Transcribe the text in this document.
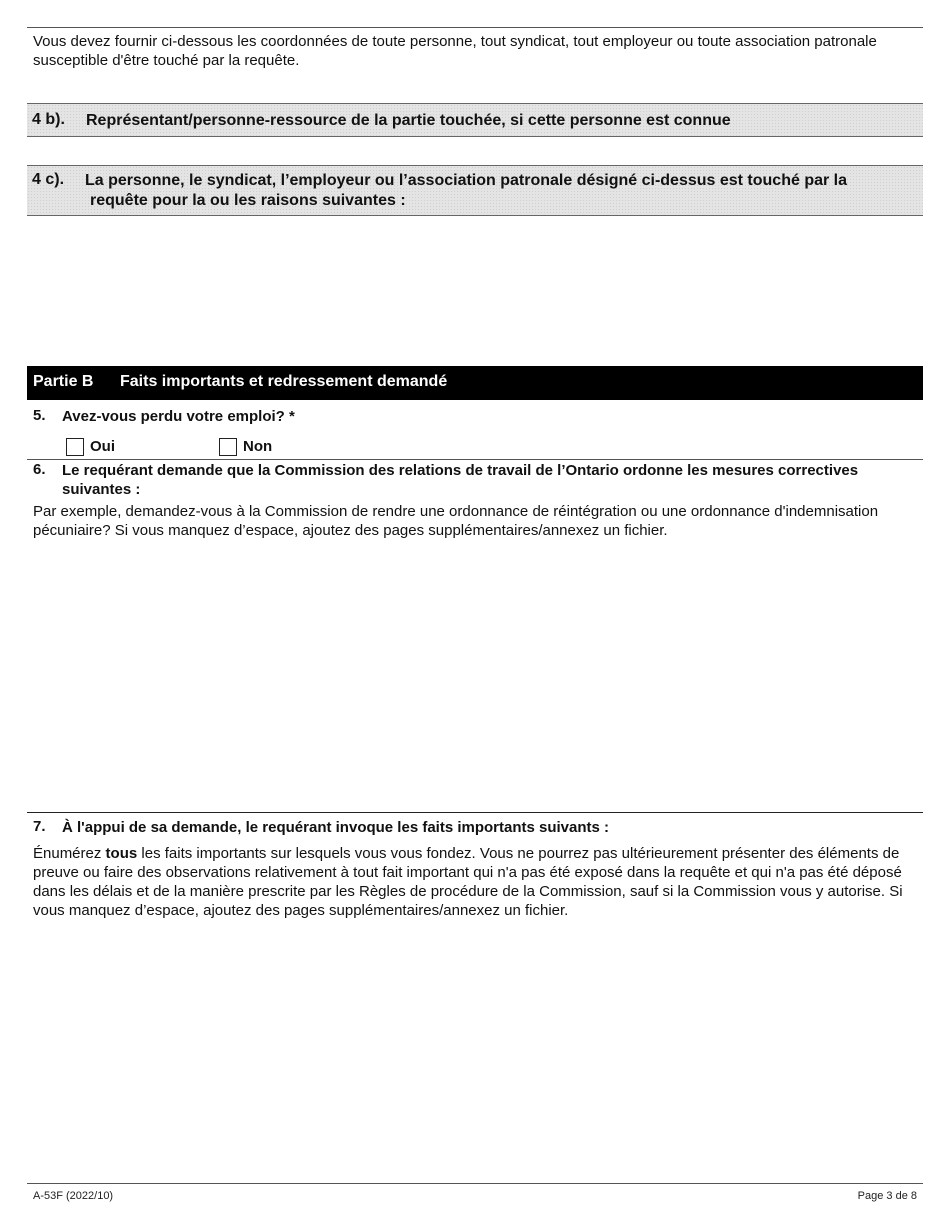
Vous devez fournir ci-dessous les coordonnées de toute personne, tout syndicat, tout employeur ou toute association patronale susceptible d'être touché par la requête.
4 b). Représentant/personne-ressource de la partie touchée, si cette personne est connue
4 c). La personne, le syndicat, l’employeur ou l’association patronale désigné ci-dessus est touché par la
requête pour la ou les raisons suivantes :
Partie B Faits importants et redressement demandé
5. Avez-vous perdu votre emploi? *
Oui	Non
6. Le requérant demande que la Commission des relations de travail de l’Ontario ordonne les mesures correctives suivantes :
Par exemple, demandez-vous à la Commission de rendre une ordonnance de réintégration ou une ordonnance d'indemnisation pécuniaire? Si vous manquez d’espace, ajoutez des pages supplémentaires/annexez un fichier.
7. À l'appui de sa demande, le requérant invoque les faits importants suivants :
Énumérez tous les faits importants sur lesquels vous vous fondez. Vous ne pourrez pas ultérieurement présenter des éléments de preuve ou faire des observations relativement à tout fait important qui n'a pas été exposé dans la requête et qui n'a pas été déposé dans les délais et de la manière prescrite par les Règles de procédure de la Commission, sauf si la Commission vous y autorise. Si vous manquez d’espace, ajoutez des pages supplémentaires/annexez un fichier.
A-53F (2022/10)	Page 3 de 8
